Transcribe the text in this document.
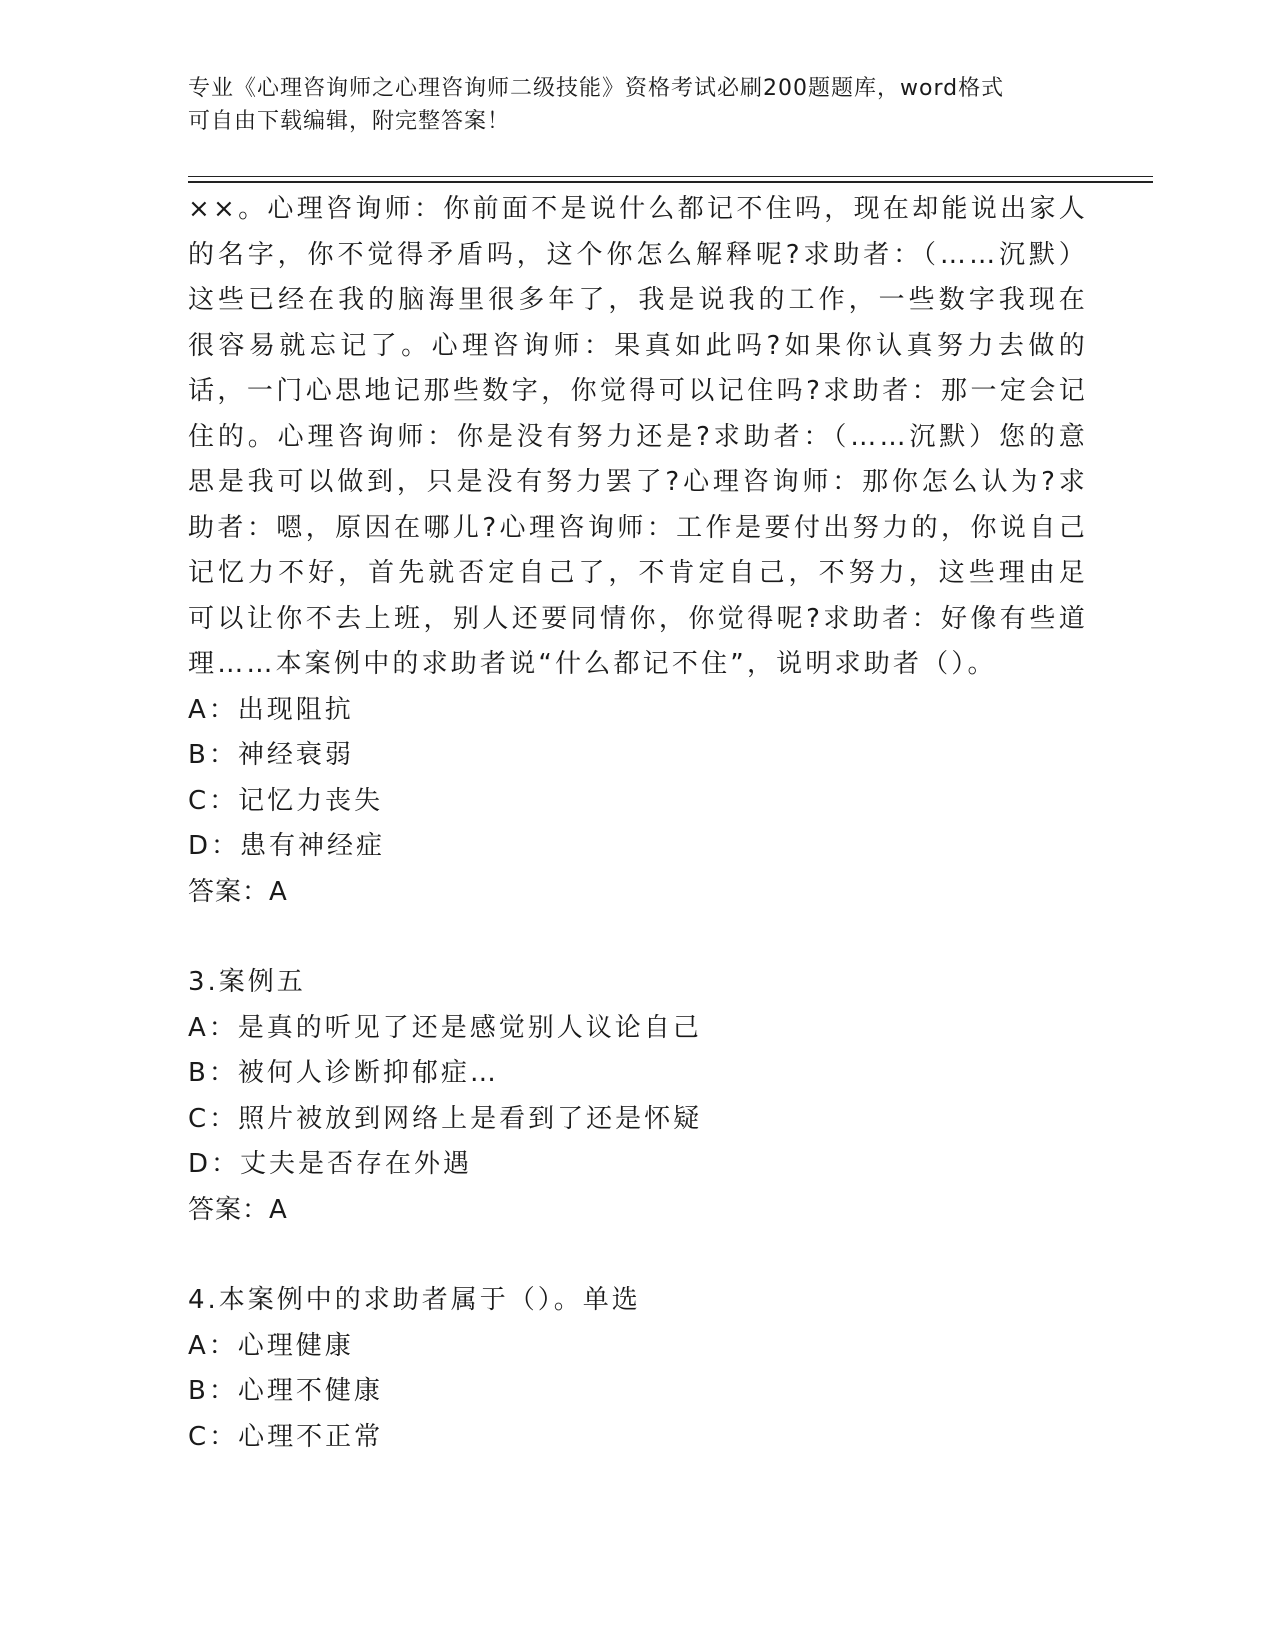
专业《心理咨询师之心理咨询师二级技能》资格考试必刷200题题库，word格式
可自由下载编辑，附完整答案！

××。心理咨询师：你前面不是说什么都记不住吗，现在却能说出家人的名字，你不觉得矛盾吗，这个你怎么解释呢?求助者：（……沉默）这些已经在我的脑海里很多年了，我是说我的工作，一些数字我现在很容易就忘记了。心理咨询师：果真如此吗?如果你认真努力去做的话，一门心思地记那些数字，你觉得可以记住吗?求助者：那一定会记住的。心理咨询师：你是没有努力还是?求助者：（……沉默）您的意思是我可以做到，只是没有努力罢了?心理咨询师：那你怎么认为?求助者：嗯，原因在哪儿?心理咨询师：工作是要付出努力的，你说自己记忆力不好，首先就否定自己了，不肯定自己，不努力，这些理由足可以让你不去上班，别人还要同情你，你觉得呢?求助者：好像有些道理……本案例中的求助者说“什么都记不住”，说明求助者（）。

A：出现阻抗
B：神经衰弱
C：记忆力丧失
D：患有神经症
答案：A
3.案例五
A：是真的听见了还是感觉别人议论自己
B：被何人诊断抑郁症…
C：照片被放到网络上是看到了还是怀疑
D：丈夫是否存在外遇
答案：A
4.本案例中的求助者属于（）。单选
A：心理健康
B：心理不健康
C：心理不正常
